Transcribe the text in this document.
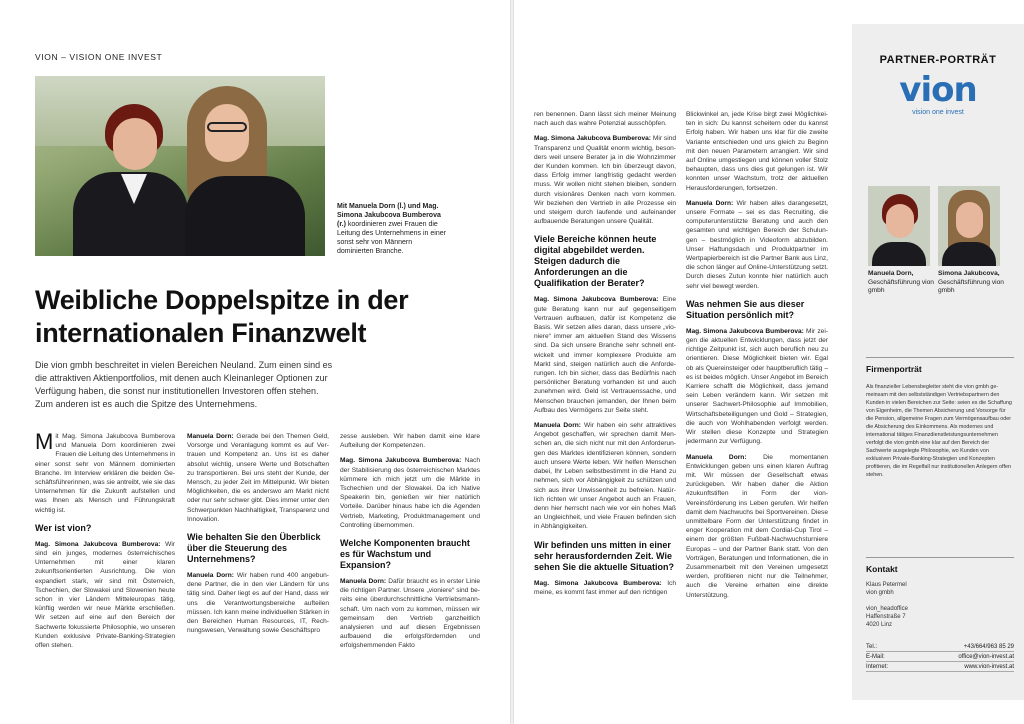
VION – VISION ONE INVEST
Mit Manuela Dorn (l.) und Mag. Simona Jakubcova Bumberova (r.) koordinieren zwei Frauen die Leitung des Unternehmens in einer sonst sehr von Männern dominierten Branche.
Weibliche Doppelspitze in der internationalen Finanzwelt

Die vion gmbh beschreitet in vielen Bereichen Neuland. Zum einen sind es die attraktiven Aktienportfolios, mit denen auch Kleinanleger Optionen zur Verfügung haben, die sonst nur institutionellen Investoren offen stehen. Zum anderen ist es auch die Spitze des Unternehmens.

Mit Mag. Simona Jakubcova Bumberova und Manuela Dorn koordinieren zwei Frauen die Leitung des Unternehmens in einer sonst sehr von Männern dominierten Branche. Im Interview erklären die beiden Geschäftsführerinnen, was sie antreibt, wie sie das Unternehmen für die Zukunft aufstellen und was Ihnen als Mensch und Führungskraft wichtig ist.

Wer ist vion?

Mag. Simona Jakubcova Bumberova: Wir sind ein junges, modernes österreichisches Unternehmen mit einer klaren zukunftsorientierten Ausrichtung. Die vion expandiert stark, wir sind mit Österreich, Tschechien, der Slowakei und Slowenien heute schon in vier Ländern Mitteleuropas tätig, künftig werden wir neue Märkte erschließen. Wir setzen auf eine auf den Bereich der Sachwerte fokussierte Philosophie, wo unseren Kunden exklusive Private-Banking-Strategien offen stehen.

Manuela Dorn: Gerade bei den Themen Geld, Vorsorge und Veranlagung kommt es auf Vertrauen und Kompetenz an. Uns ist es daher absolut wichtig, unsere Werte und Botschaften zu transportieren. Bei uns steht der Kunde, der Mensch, zu jeder Zeit im Mittelpunkt. Wir bieten Möglichkeiten, die es anderswo am Markt nicht oder nur sehr schwer gibt. Dies immer unter den Schwerpunkten Nachhaltigkeit, Transparenz und Innovation.

Wie behalten Sie den Überblick über die Steuerung des Unternehmens?

Manuela Dorn: Wir haben rund 400 angebundene Partner, die in den vier Ländern für uns tätig sind. Daher liegt es auf der Hand, dass wir uns die Verantwortungsbereiche aufteilen müssen. Ich kann meine individuellen Stärken in den Bereichen Human Resources, IT, Rechnungswesen, Verwaltung sowie Geschäftspro

zesse ausleben. Wir haben damit eine klare Aufteilung der Kompetenzen.

Mag. Simona Jakubcova Bumberova: Nach der Stabilisierung des österreichischen Marktes kümmere ich mich jetzt um die Märkte in Tschechien und der Slowakei. Da ich Native Speakerin bin, genießen wir hier natürlich Vorteile. Darüber hinaus habe ich die Agenden Vertrieb, Marketing, Produktmanagement und Controlling übernommen.

Welche Komponenten braucht es für Wachstum und Expansion?

Manuela Dorn: Dafür braucht es in erster Linie die richtigen Partner. Unsere „vioniere“ sind bereits eine überdurchschnittliche Vertriebsmannschaft. Um nach vorn zu kommen, müssen wir gemeinsam den Vertrieb ganzheitlich analysieren und auf diesen Ergebnissen aufbauend die erfolgsfördernden und erfolgshemmenden Fakto

ren benennen. Dann lässt sich meiner Meinung nach auch das wahre Potenzial ausschöpfen.

Mag. Simona Jakubcova Bumberova: Mir sind Transparenz und Qualität enorm wichtig, besonders weil unsere Berater ja in die Wohnzimmer der Kunden kommen. Ich bin überzeugt davon, dass Erfolg immer langfristig gedacht werden muss. Wir wollen nicht stehen bleiben, sondern durch visionäres Denken nach vorn kommen. Wir beziehen den Vertrieb in alle Prozesse ein und steigern durch laufende und aufeinander aufbauende Beratungen unsere Qualität.

Viele Bereiche können heute digital abgebildet werden. Steigen dadurch die Anforderungen an die Qualifikation der Berater?

Mag. Simona Jakubcova Bumberova: Eine gute Beratung kann nur auf gegenseitigem Vertrauen aufbauen, dafür ist Kompetenz die Basis. Wir setzen alles daran, dass unsere „vioniere“ immer am aktuellen Stand des Wissens sind. Da sich unsere Branche sehr schnell entwickelt und immer komplexere Produkte am Markt sind, steigen natürlich auch die Anforderungen. Ich bin sicher, dass das Bedürfnis nach persönlicher Beratung vorhanden ist und auch zunehmen wird. Geld ist Vertrauenssache, und Menschen brauchen jemanden, der Ihnen beim Aufbau des Vermögens zur Seite steht.

Manuela Dorn: Wir haben ein sehr attraktives Angebot geschaffen, wir sprechen damit Menschen an, die sich nicht nur mit den Anforderungen des Marktes identifizieren können, sondern auch unsere Werte leben. Wir helfen Menschen dabei, Ihr Leben selbstbestimmt in die Hand zu nehmen, sich vor Abhängigkeit zu schützen und sich aus ihrer Unwissenheit zu befreien. Natürlich richten wir unser Angebot auch an Frauen, denn hier herrscht nach wie vor ein hohes Maß an Ungleichheit, und viele Frauen befinden sich in Abhängigkeiten.

Wir befinden uns mitten in einer sehr herausfordernden Zeit. Wie sehen Sie die aktuelle Situation?

Mag. Simona Jakubcova Bumberova: Ich meine, es kommt fast immer auf den richtigen

Blickwinkel an, jede Krise birgt zwei Möglichkeiten in sich: Du kannst scheitern oder du kannst Erfolg haben. Wir haben uns klar für die zweite Variante entschieden und uns gleich zu Beginn mit den neuen Parametern arrangiert. Wir sind auf Online umgestiegen und können voller Stolz behaupten, dass uns dies gut gelungen ist. Wir konnten unser Wachstum, trotz der aktuellen Herausforderungen, fortsetzen.

Manuela Dorn: Wir haben alles darangesetzt, unsere Formate – sei es das Recruiting, die computerunterstützte Beratung und auch den gesamten und wichtigen Bereich der Schulungen – bestmöglich in Videoform abzubilden. Unser Haftungsdach und Produktpartner im Wertpapierbereich ist die Partner Bank aus Linz, die schon länger auf Online-Unterstützung setzt. Durch dieses Zutun konnte hier natürlich auch sehr viel bewegt werden.

Was nehmen Sie aus dieser Situation persönlich mit?

Mag. Simona Jakubcova Bumberova: Mir zeigen die aktuellen Entwicklungen, dass jetzt der richtige Zeitpunkt ist, sich auch beruflich neu zu orientieren. Diese Möglichkeit bieten wir. Egal ob als Quereinsteiger oder hauptberuflich tätig – es ist beides möglich. Unser Angebot im Bereich Karriere schafft die Möglichkeit, dass jemand sein Leben verändern kann. Wir setzen mit unserer Sachwert-Philosophie auf Immobilien, Wirtschaftsbeteiligungen und Gold – Strategien, die auch von Wohlhabenden verfolgt werden. Wir stellen diese Konzepte und Strategien jedermann zur Verfügung.

Manuela Dorn: Die momentanen Entwicklungen geben uns einen klaren Auftrag mit. Wir müssen der Gesellschaft etwas zurückgeben. Wir haben daher die Aktion #zukunftstiften in Form der vion-Vereinsförderung ins Leben gerufen. Wir helfen damit dem Nachwuchs bei Sportvereinen. Diese unmittelbare Form der Unterstützung findet in enger Kooperation mit dem Cordial-Cup Tirol – einem der größten Fußball-Nachwuchsturniere Europas – und der Partner Bank statt. Von den Vorträgen, Beratungen und Informationen, die in Zusammenarbeit mit den Vereinen umgesetzt werden, profitieren nicht nur die Teilnehmer, auch die Vereine erhalten eine direkte Unterstützung.

PARTNER-PORTRÄT
vion
vision one invest
Manuela Dorn,
Geschäftsführung vion gmbh
Simona Jakubcova,
Geschäftsführung vion gmbh
Firmenporträt
Als finanzieller Lebensbegleiter steht die vion gmbh gemeinsam mit den selbstständigen Vertriebspartnern den Kunden in vielen Bereichen zur Seite: seien es die Schaffung von Eigenheim, die Themen Absicherung und Vorsorge für die Pension, allgemeine Fragen zum Vermögensaufbau oder die Absicherung des Einkommens. Als modernes und international tätiges Finanzdienstleistungsunternehmen verfolgt die vion gmbh eine klar auf den Bereich der Sachwerte ausgelegte Philosophie, wo Kunden von exklusiven Private-Banking-Strategien und Konzepten profitieren, die im Regelfall nur institutionellen Anlegern offen stehen.
Kontakt
Klaus Petermel
vion gmbh
vion_headoffice
Haffenstraße 7
4020 Linz
Tel.:	+43/664/963 85 29
E-Mail:	office@vion-invest.at
Internet:	www.vion-invest.at
